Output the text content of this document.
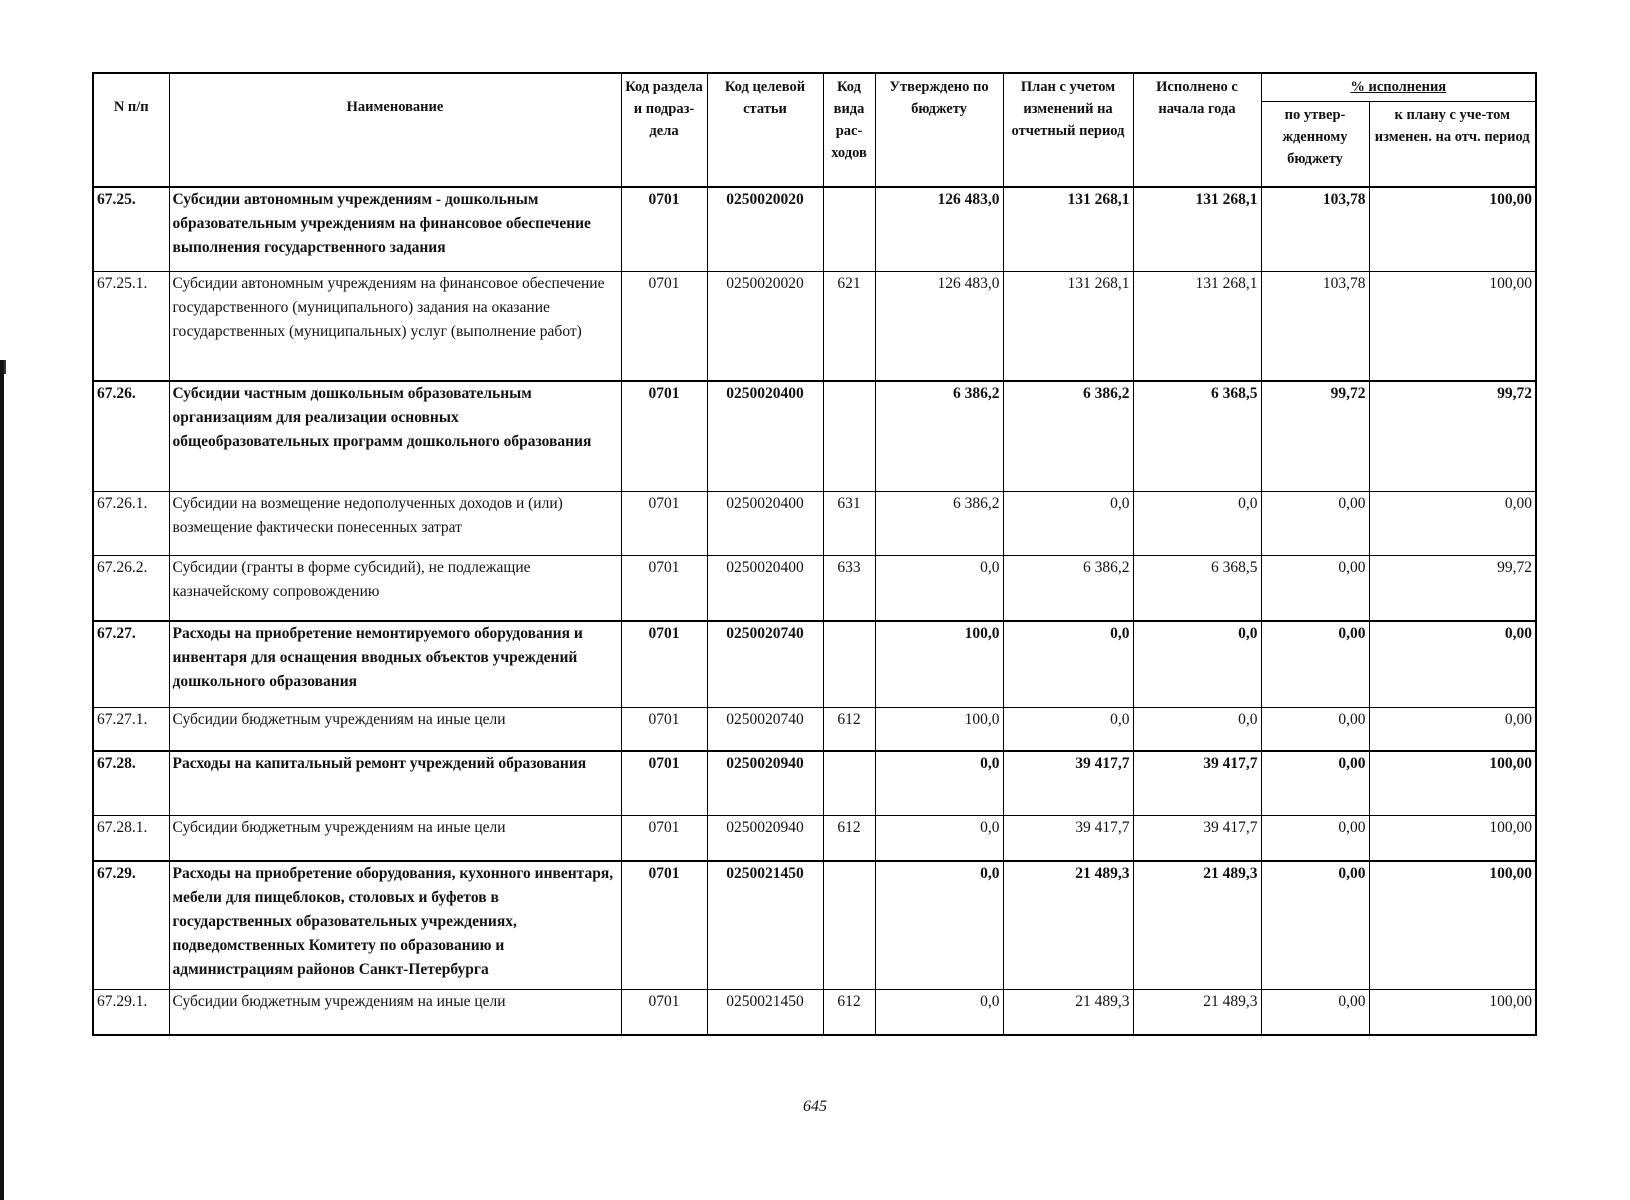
N п/п	Наименование	Код раздела и подраз-дела	Код целевой статьи	Код вида рас-ходов	Утверждено по бюджету	План с учетом изменений на отчетный период	Исполнено с начала года	% исполнения	
								по утвер-жденному бюджету	к плану с уче-том изменен. на отч. период
67.25.	Субсидии автономным учреждениям - дошкольным образовательным учреждениям на финансовое обеспечение выполнения государственного задания	0701	0250020020		126 483,0	131 268,1	131 268,1	103,78	100,00
67.25.1.	Субсидии автономным учреждениям на финансовое обеспечение государственного (муниципального) задания на оказание государственных (муниципальных) услуг (выполнение работ)	0701	0250020020	621	126 483,0	131 268,1	131 268,1	103,78	100,00
67.26.	Субсидии частным дошкольным образовательным организациям для реализации основных общеобразовательных программ дошкольного образования	0701	0250020400		6 386,2	6 386,2	6 368,5	99,72	99,72
67.26.1.	Субсидии на возмещение недополученных доходов и (или) возмещение фактически понесенных затрат	0701	0250020400	631	6 386,2	0,0	0,0	0,00	0,00
67.26.2.	Субсидии (гранты в форме субсидий), не подлежащие казначейскому сопровождению	0701	0250020400	633	0,0	6 386,2	6 368,5	0,00	99,72
67.27.	Расходы на приобретение немонтируемого оборудования и инвентаря для оснащения вводных объектов учреждений дошкольного образования	0701	0250020740		100,0	0,0	0,0	0,00	0,00
67.27.1.	Субсидии бюджетным учреждениям на иные цели	0701	0250020740	612	100,0	0,0	0,0	0,00	0,00
67.28.	Расходы на капитальный ремонт учреждений образования	0701	0250020940		0,0	39 417,7	39 417,7	0,00	100,00
67.28.1.	Субсидии бюджетным учреждениям на иные цели	0701	0250020940	612	0,0	39 417,7	39 417,7	0,00	100,00
67.29.	Расходы на приобретение оборудования, кухонного инвентаря, мебели для пищеблоков, столовых и буфетов в государственных образовательных учреждениях, подведомственных Комитету по образованию и администрациям районов Санкт-Петербурга	0701	0250021450		0,0	21 489,3	21 489,3	0,00	100,00
67.29.1.	Субсидии бюджетным учреждениям на иные цели	0701	0250021450	612	0,0	21 489,3	21 489,3	0,00	100,00
645
